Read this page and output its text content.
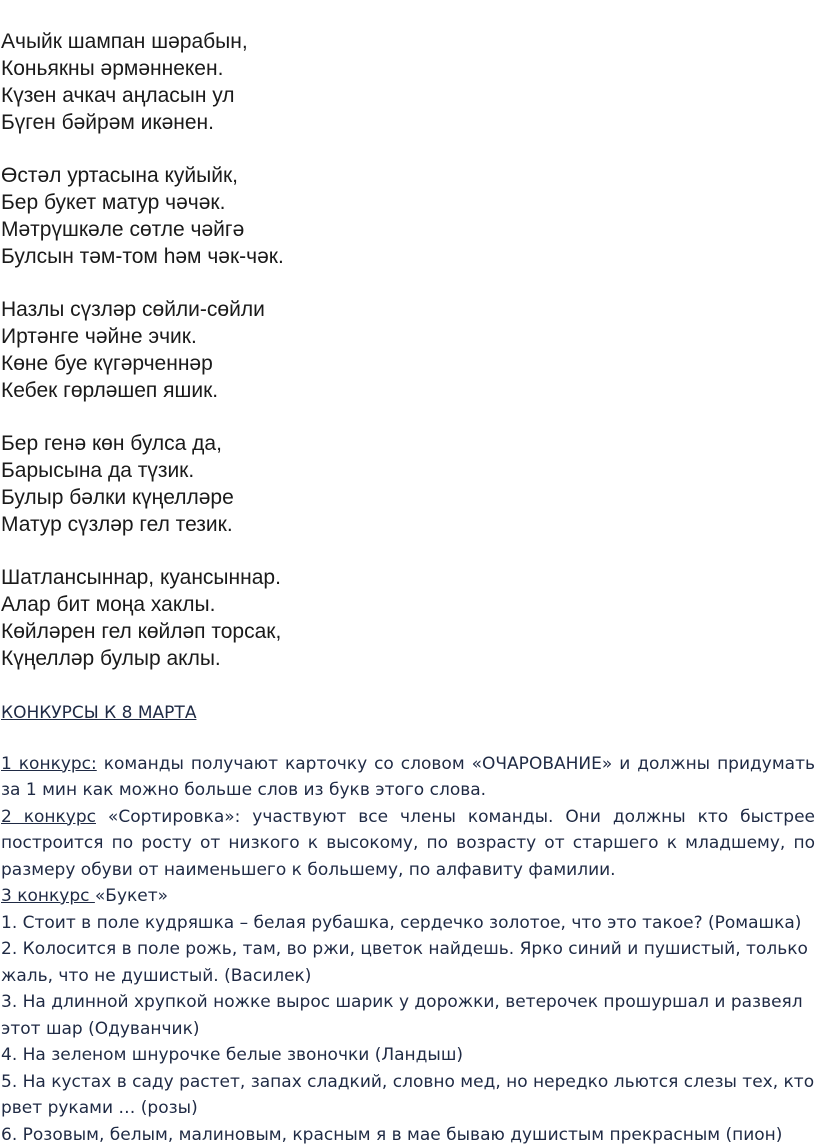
Ачыйк шампан шәрабын,
Коньякны әрмәннекен.
Күзен ачкач аңласын ул
Бүген бәйрәм икәнен.
Өстәл уртасына куйыйк,
Бер букет матур чәчәк.
Мәтрүшкәле сөтле чәйгә
Булсын тәм-том һәм чәк-чәк.
Назлы сүзләр сөйли-сөйли
Иртәнге чәйне эчик.
Көне буе күгәрченнәр
Кебек гөрләшеп яшик.
Бер генә көн булса да,
Барысына да түзик.
Булыр бәлки күңелләре
Матур сүзләр гел тезик.
Шатлансыннар, куансыннар.
Алар бит моңа хаклы.
Көйләрен гел көйләп торсак,
Күңелләр булыр аклы.
КОНКУРСЫ К 8 МАРТА
1 конкурс: команды получают карточку со словом «ОЧАРОВАНИЕ» и должны придумать за 1 мин как можно больше слов из букв этого слова.
2 конкурс «Сортировка»: участвуют все члены команды. Они должны кто быстрее построится по росту от низкого к высокому, по возрасту от старшего к младшему, по размеру обуви от наименьшего к большему, по алфавиту фамилии.
3 конкурс «Букет»
1. Стоит в поле кудряшка – белая рубашка, сердечко золотое, что это такое? (Ромашка)
2. Колосится в поле рожь, там, во ржи, цветок найдешь. Ярко синий и пушистый, только жаль, что не душистый. (Василек)
3. На длинной хрупкой ножке вырос шарик у дорожки, ветерочек прошуршал и развеял этот шар (Одуванчик)
4. На зеленом шнурочке белые звоночки (Ландыш)
5. На кустах в саду растет, запах сладкий, словно мед, но нередко льются слезы тех, кто рвет руками … (розы)
6. Розовым, белым, малиновым, красным я в мае бываю душистым прекрасным (пион)
